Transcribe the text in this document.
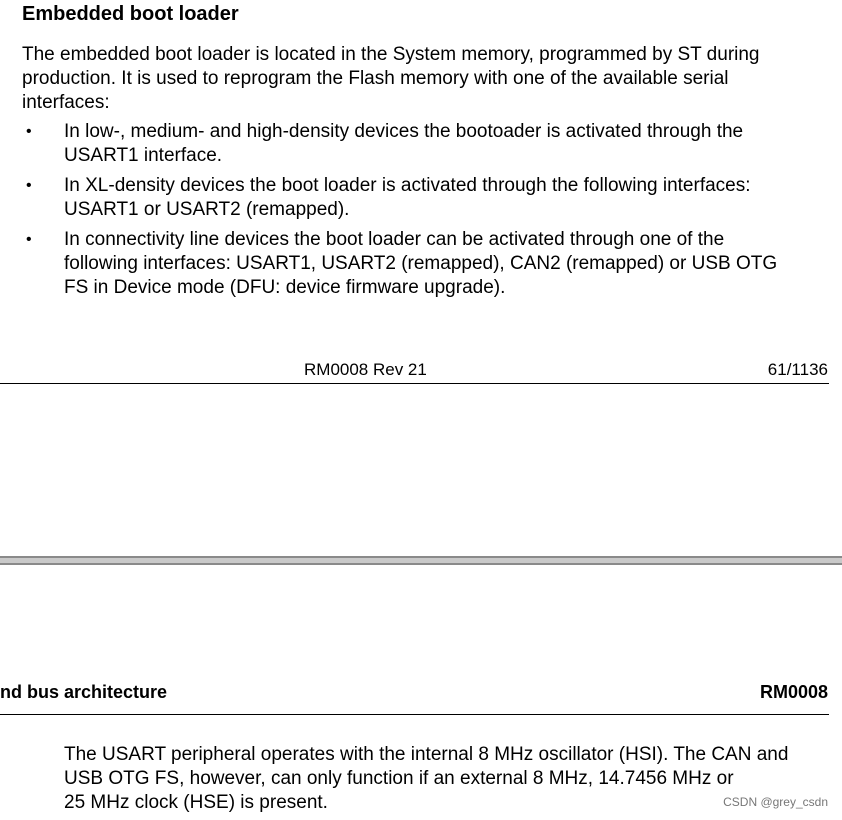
Embedded boot loader
The embedded boot loader is located in the System memory, programmed by ST during
production. It is used to reprogram the Flash memory with one of the available serial
interfaces:
• In low-, medium- and high-density devices the bootoader is activated through the
USART1 interface.
• In XL-density devices the boot loader is activated through the following interfaces:
USART1 or USART2 (remapped).
• In connectivity line devices the boot loader can be activated through one of the
following interfaces: USART1, USART2 (remapped), CAN2 (remapped) or USB OTG
FS in Device mode (DFU: device firmware upgrade).
RM0008 Rev 21	61/1136
nd bus architecture	RM0008
The USART peripheral operates with the internal 8 MHz oscillator (HSI). The CAN and
USB OTG FS, however, can only function if an external 8 MHz, 14.7456 MHz or
25 MHz clock (HSE) is present.	CSDN @grey_csdn
